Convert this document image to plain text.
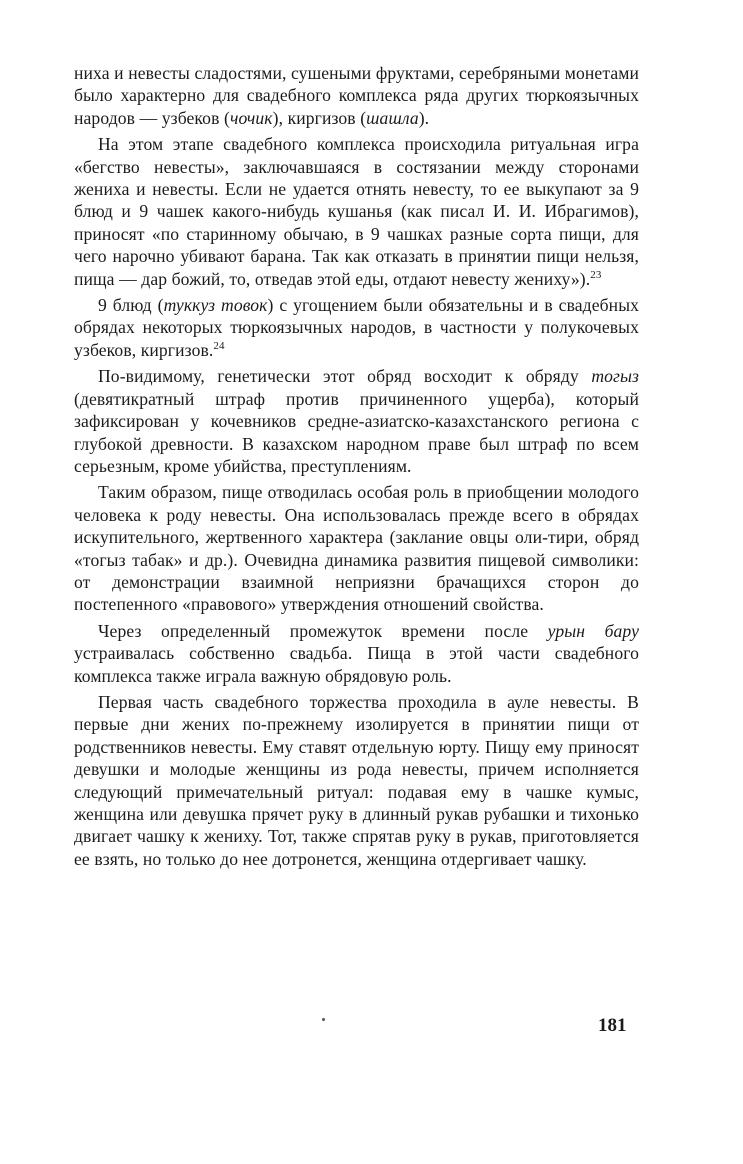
ниха и невесты сладостями, сушеными фруктами, серебряными монетами было характерно для свадебного комплекса ряда других тюркоязычных народов — узбеков (чочик), киргизов (шашла).

На этом этапе свадебного комплекса происходила ритуальная игра «бегство невесты», заключавшаяся в состязании между сторонами жениха и невесты. Если не удается отнять невесту, то ее выкупают за 9 блюд и 9 чашек какого-нибудь кушанья (как писал И. И. Ибрагимов), приносят «по старинному обычаю, в 9 чашках разные сорта пищи, для чего нарочно убивают барана. Так как отказать в принятии пищи нельзя, пища — дар божий, то, отведав этой еды, отдают невесту жениху»).$^{23}$

9 блюд (туккуз товок) с угощением были обязательны и в свадебных обрядах некоторых тюркоязычных народов, в частности у полукочевых узбеков, киргизов.$^{24}$

По-видимому, генетически этот обряд восходит к обряду тогыз (девятикратный штраф против причиненного ущерба), который зафиксирован у кочевников средне-азиатско-казахстанского региона с глубокой древности. В казахском народном праве был штраф по всем серьезным, кроме убийства, преступлениям.

Таким образом, пище отводилась особая роль в приобщении молодого человека к роду невесты. Она использовалась прежде всего в обрядах искупительного, жертвенного характера (заклание овцы оли-тири, обряд «тогыз табак» и др.). Очевидна динамика развития пищевой символики: от демонстрации взаимной неприязни брачащихся сторон до постепенного «правового» утверждения отношений свойства.

Через определенный промежуток времени после урын бару устраивалась собственно свадьба. Пища в этой части свадебного комплекса также играла важную обрядовую роль.

Первая часть свадебного торжества проходила в ауле невесты. В первые дни жених по-прежнему изолируется в принятии пищи от родственников невесты. Ему ставят отдельную юрту. Пищу ему приносят девушки и молодые женщины из рода невесты, причем исполняется следующий примечательный ритуал: подавая ему в чашке кумыс, женщина или девушка прячет руку в длинный рукав рубашки и тихонько двигает чашку к жениху. Тот, также спрятав руку в рукав, приготовляется ее взять, но только до нее дотронется, женщина отдергивает чашку.

181
